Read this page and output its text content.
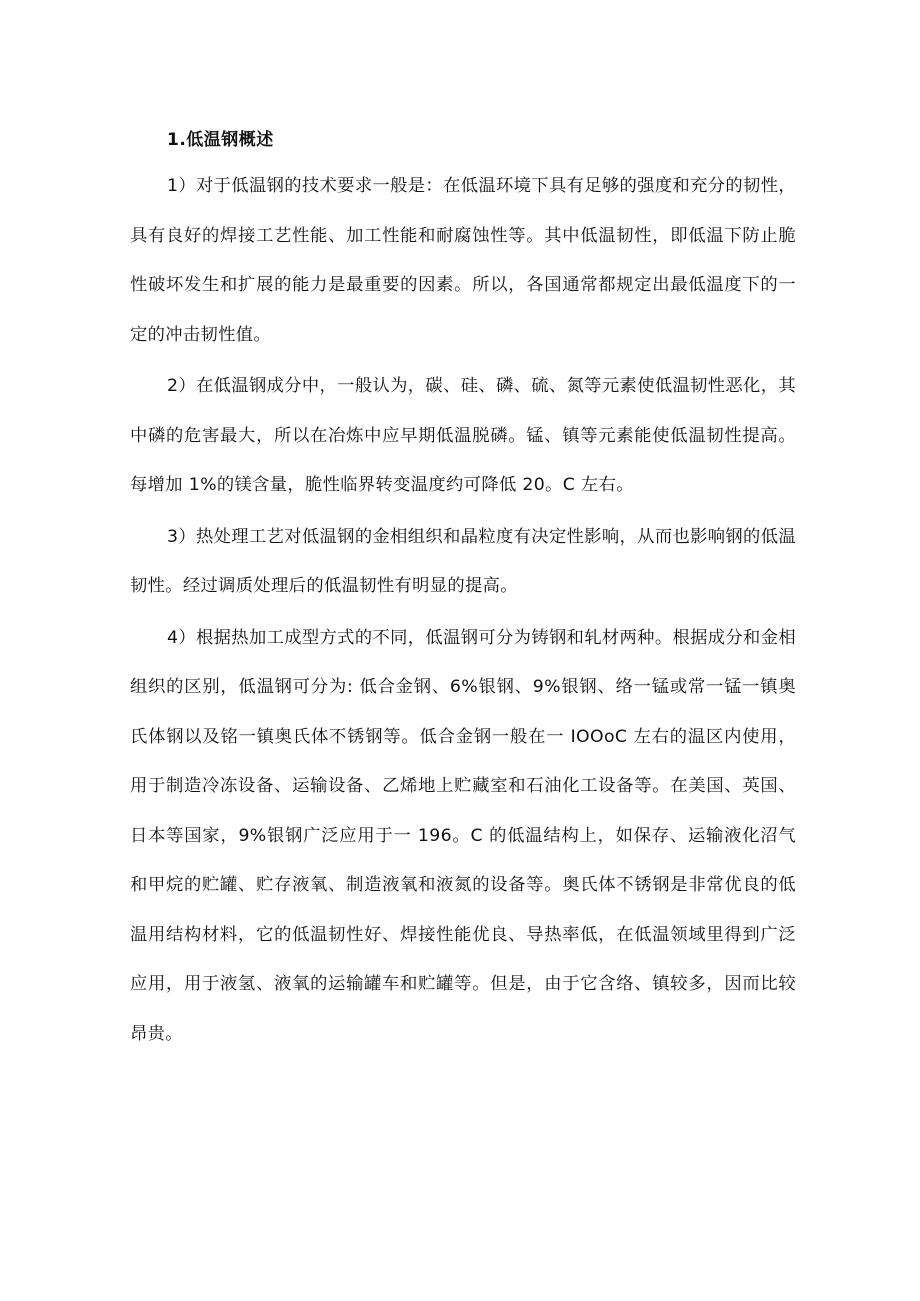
1.低温钢概述

1）对于低温钢的技术要求一般是：在低温环境下具有足够的强度和充分的韧性，具有良好的焊接工艺性能、加工性能和耐腐蚀性等。其中低温韧性，即低温下防止脆性破坏发生和扩展的能力是最重要的因素。所以，各国通常都规定出最低温度下的一定的冲击韧性值。

2）在低温钢成分中，一般认为，碳、硅、磷、硫、氮等元素使低温韧性恶化，其中磷的危害最大，所以在冶炼中应早期低温脱磷。锰、镇等元素能使低温韧性提高。每增加 1%的镁含量，脆性临界转变温度约可降低 20。C 左右。

3）热处理工艺对低温钢的金相组织和晶粒度有决定性影响，从而也影响钢的低温韧性。经过调质处理后的低温韧性有明显的提高。

4）根据热加工成型方式的不同，低温钢可分为铸钢和轧材两种。根据成分和金相组织的区别，低温钢可分为: 低合金钢、6%银钢、9%银钢、络一锰或常一锰一镇奥氏体钢以及铭一镇奥氏体不锈钢等。低合金钢一般在一 IOOoC 左右的温区内使用，用于制造冷冻设备、运输设备、乙烯地上贮藏室和石油化工设备等。在美国、英国、日本等国家，9%银钢广泛应用于一 196。C 的低温结构上，如保存、运输液化沼气和甲烷的贮罐、贮存液氧、制造液氧和液氮的设备等。奥氏体不锈钢是非常优良的低温用结构材料，它的低温韧性好、焊接性能优良、导热率低，在低温领域里得到广泛应用，用于液氢、液氧的运输罐车和贮罐等。但是，由于它含络、镇较多，因而比较昂贵。
